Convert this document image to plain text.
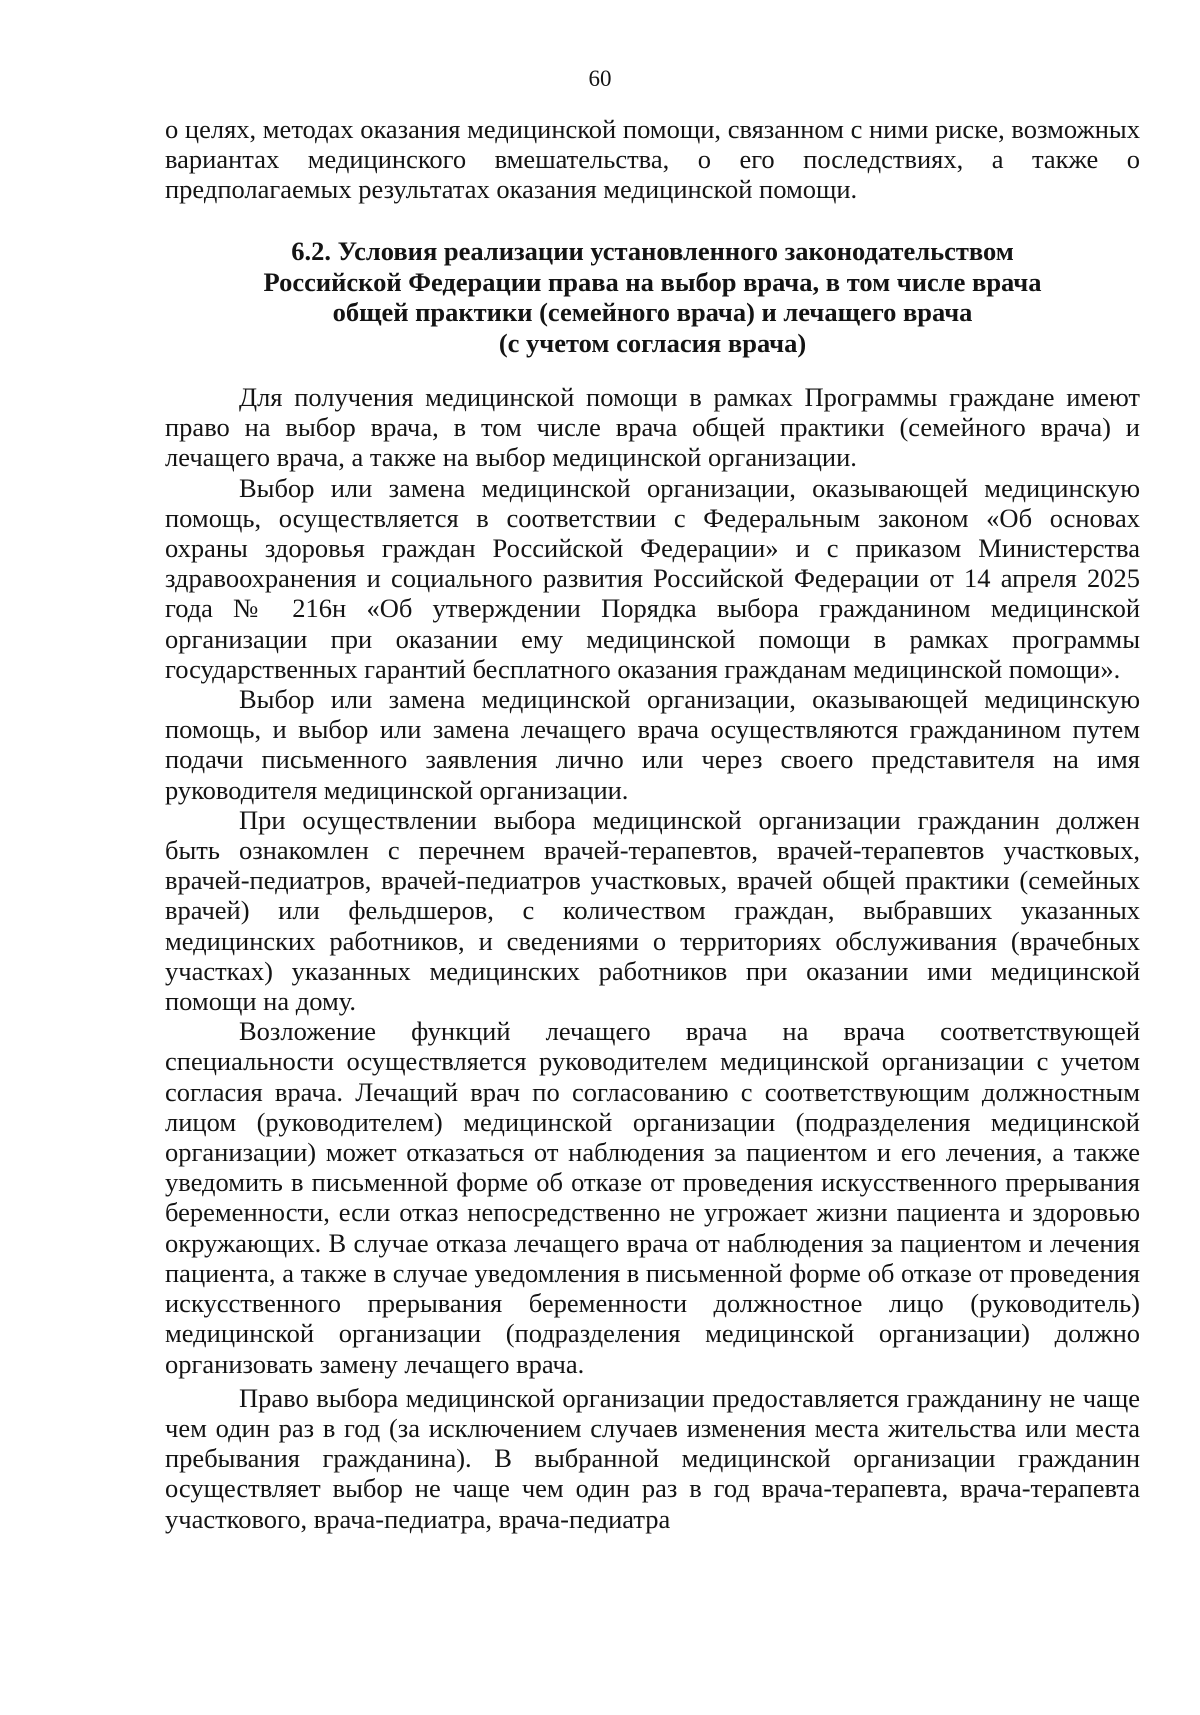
60

о целях, методах оказания медицинской помощи, связанном с ними риске, возможных вариантах медицинского вмешательства, о его последствиях, а также о предполагаемых результатах оказания медицинской помощи.

6.2. Условия реализации установленного законодательством
Российской Федерации права на выбор врача, в том числе врача
общей практики (семейного врача) и лечащего врача
(с учетом согласия врача)

Для получения медицинской помощи в рамках Программы граждане имеют право на выбор врача, в том числе врача общей практики (семейного врача) и лечащего врача, а также на выбор медицинской организации.

Выбор или замена медицинской организации, оказывающей медицинскую помощь, осуществляется в соответствии с Федеральным законом «Об основах охраны здоровья граждан Российской Федерации» и с приказом Министерства здравоохранения и социального развития Российской Федерации от 14 апреля 2025 года № 216н «Об утверждении Порядка выбора гражданином медицинской организации при оказании ему медицинской помощи в рамках программы государственных гарантий бесплатного оказания гражданам медицинской помощи».

Выбор или замена медицинской организации, оказывающей медицинскую помощь, и выбор или замена лечащего врача осуществляются гражданином путем подачи письменного заявления лично или через своего представителя на имя руководителя медицинской организации.

При осуществлении выбора медицинской организации гражданин должен быть ознакомлен с перечнем врачей-терапевтов, врачей-терапевтов участковых, врачей-педиатров, врачей-педиатров участковых, врачей общей практики (семейных врачей) или фельдшеров, с количеством граждан, выбравших указанных медицинских работников, и сведениями о территориях обслуживания (врачебных участках) указанных медицинских работников при оказании ими медицинской помощи на дому.

Возложение функций лечащего врача на врача соответствующей специальности осуществляется руководителем медицинской организации с учетом согласия врача. Лечащий врач по согласованию с соответствующим должностным лицом (руководителем) медицинской организации (подразделения медицинской организации) может отказаться от наблюдения за пациентом и его лечения, а также уведомить в письменной форме об отказе от проведения искусственного прерывания беременности, если отказ непосредственно не угрожает жизни пациента и здоровью окружающих. В случае отказа лечащего врача от наблюдения за пациентом и лечения пациента, а также в случае уведомления в письменной форме об отказе от проведения искусственного прерывания беременности должностное лицо (руководитель) медицинской организации (подразделения медицинской организации) должно организовать замену лечащего врача.

Право выбора медицинской организации предоставляется гражданину не чаще чем один раз в год (за исключением случаев изменения места жительства или места пребывания гражданина). В выбранной медицинской организации гражданин осуществляет выбор не чаще чем один раз в год врача-терапевта, врача-терапевта участкового, врача-педиатра, врача-педиатра
